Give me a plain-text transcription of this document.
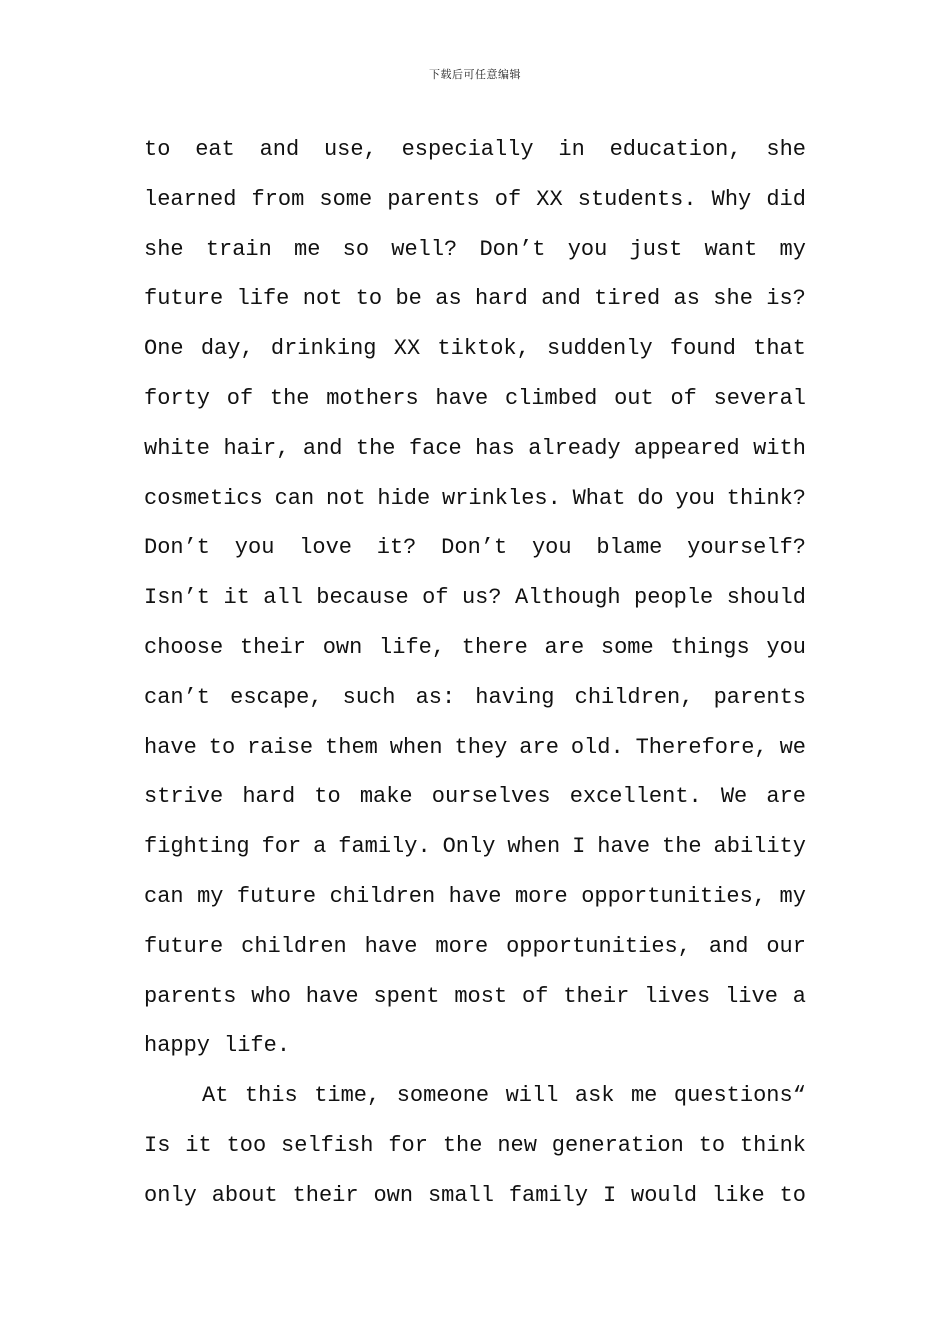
下载后可任意编辑
to eat and use, especially in education, she
learned from some parents of XX students. Why did
she train me so well? Don’t you just want my
future life not to be as hard and tired as she is?
One day, drinking XX tiktok, suddenly found that
forty of the mothers have climbed out of several
white hair, and the face has already appeared with
cosmetics can not hide wrinkles. What do you think?
Don’t you love it? Don’t you blame yourself?
Isn’t it all because of us? Although people should
choose their own life, there are some things you
can’t escape, such as: having children, parents
have to raise them when they are old. Therefore, we
strive hard to make ourselves excellent. We are
fighting for a family. Only when I have the ability
can my future children have more opportunities, my
future children have more opportunities, and our
parents who have spent most of their lives live a
happy life.
At this time, someone will ask me questions“
Is it too selfish for the new generation to think
only about their own small family I would like to
